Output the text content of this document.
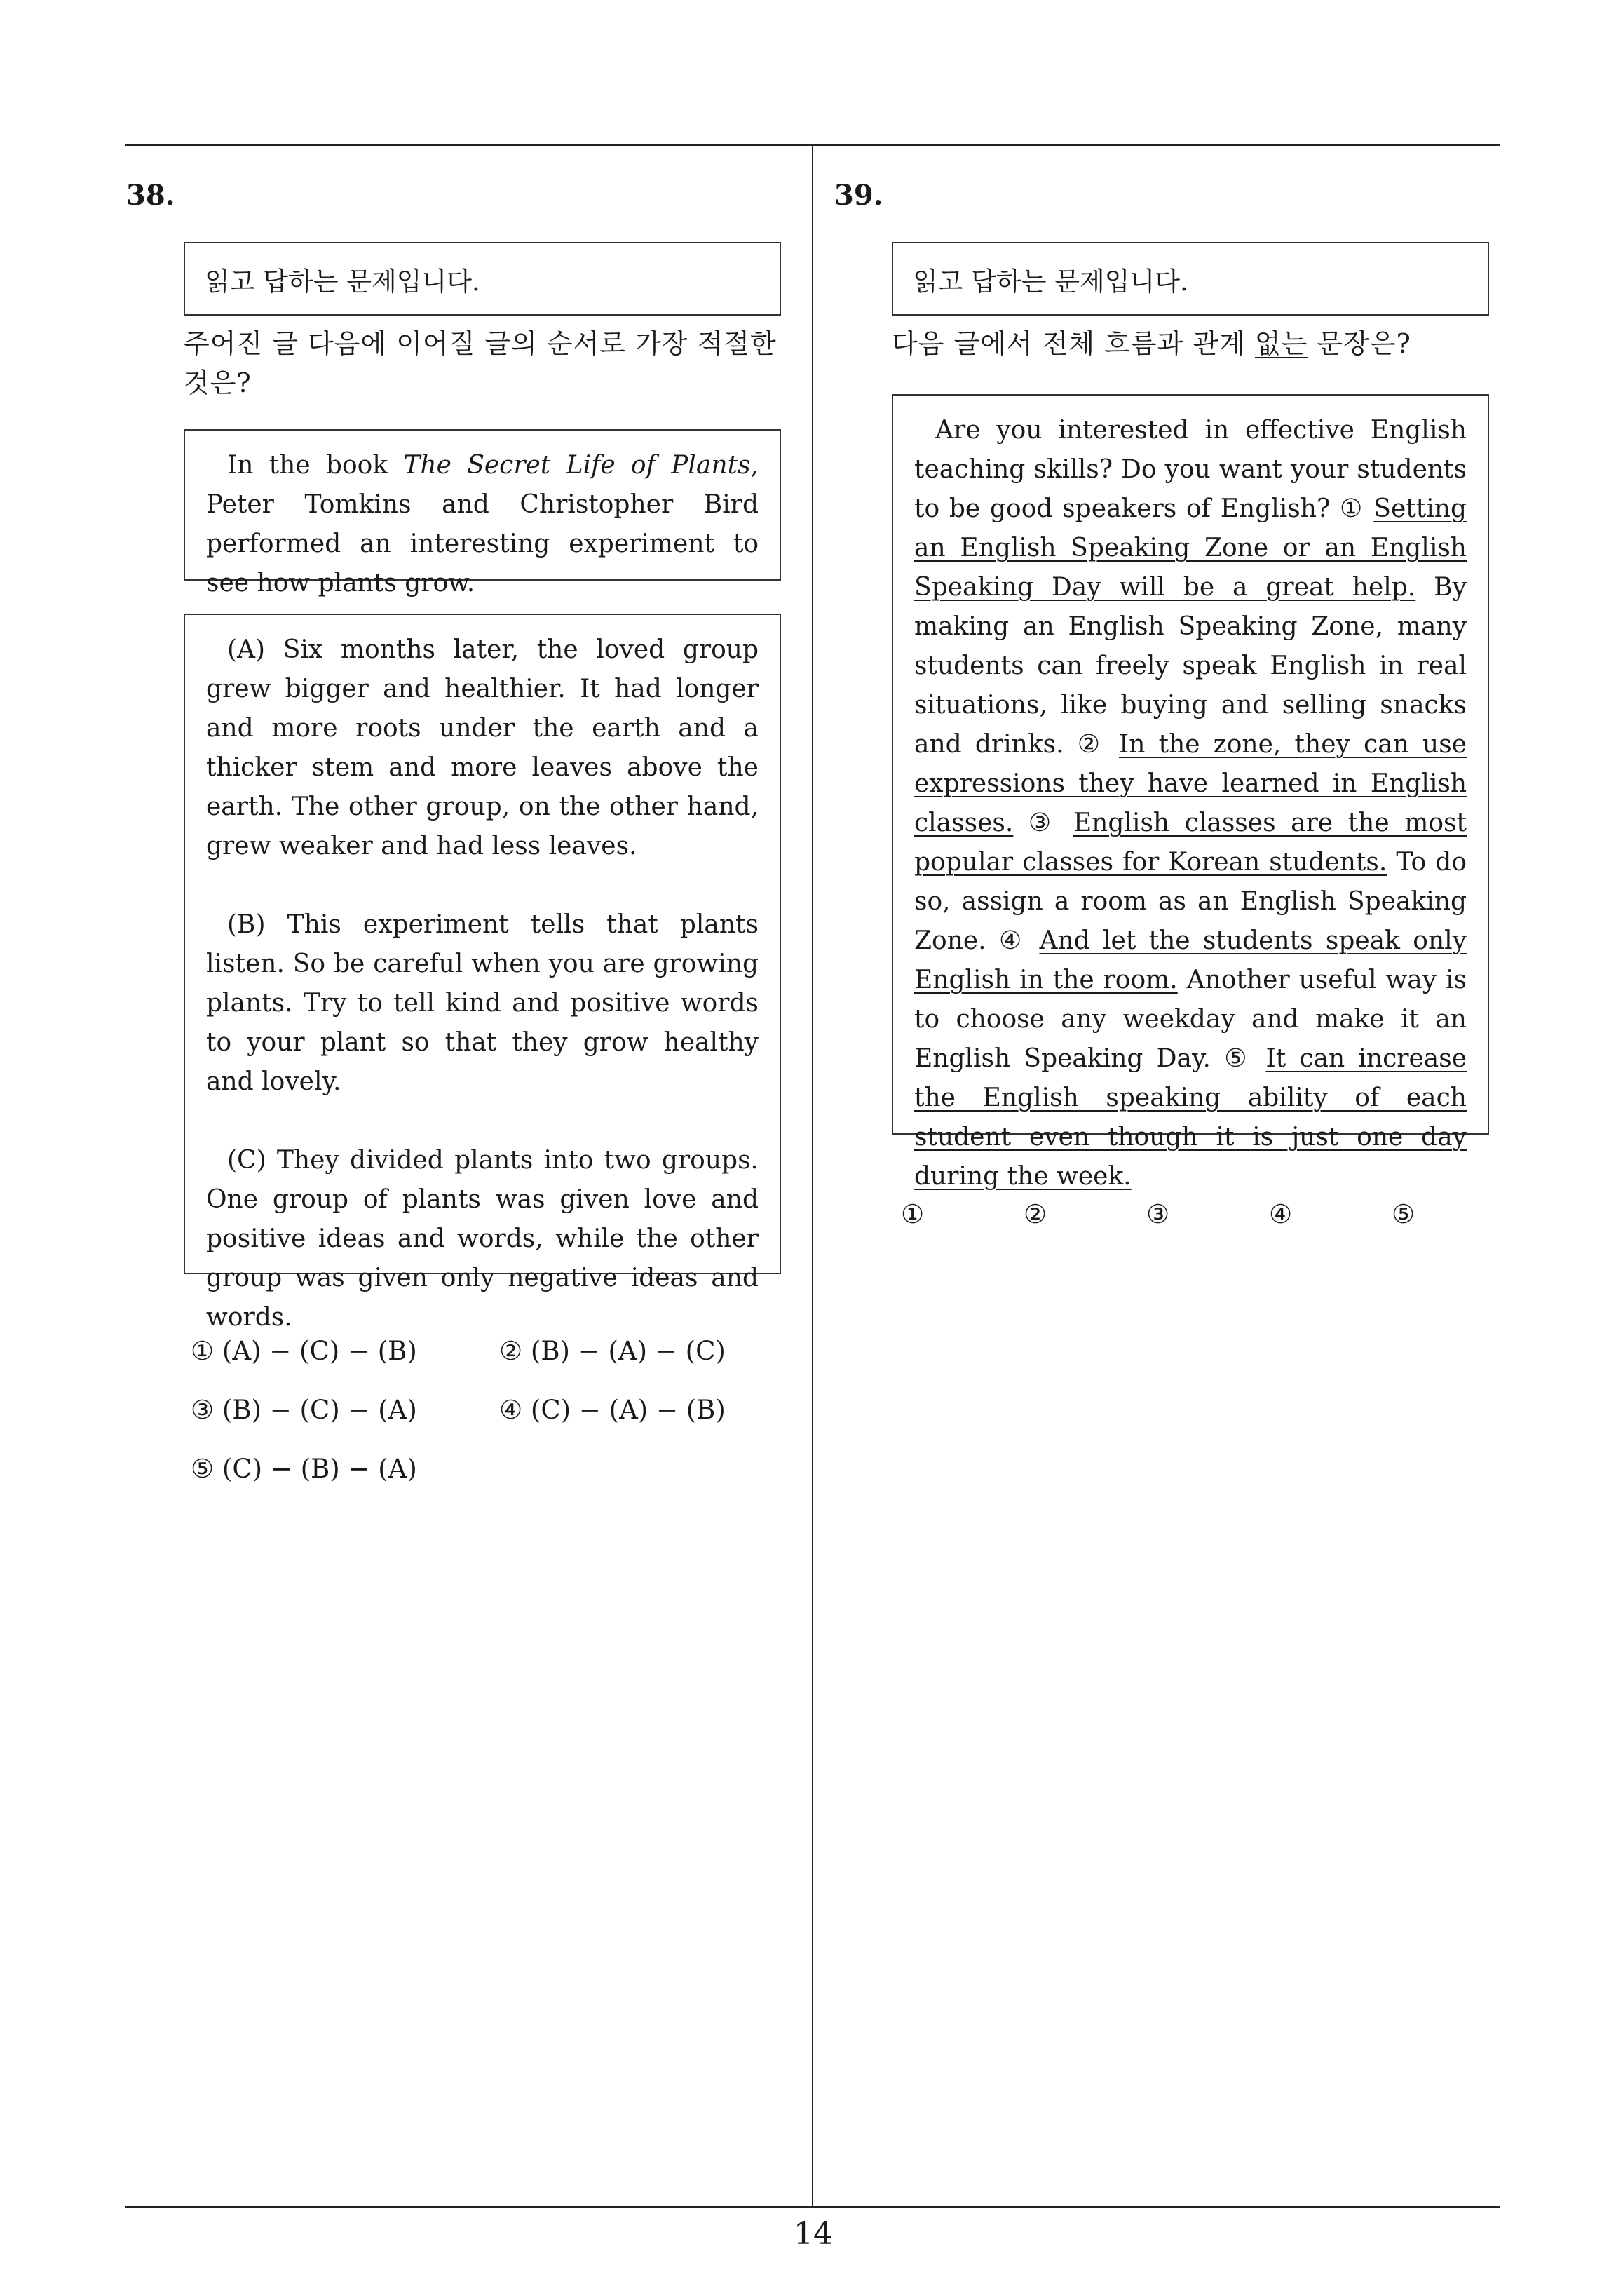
38.
읽고 답하는 문제입니다.
주어진 글 다음에 이어질 글의 순서로 가장 적절한
것은?

In the book The Secret Life of Plants, Peter Tomkins and Christopher Bird performed an interesting experiment to see how plants grow.

(A) Six months later, the loved group grew bigger and healthier. It had longer and more roots under the earth and a thicker stem and more leaves above the earth. The other group, on the other hand, grew weaker and had less leaves.

(B) This experiment tells that plants listen. So be careful when you are growing plants. Try to tell kind and positive words to your plant so that they grow healthy and lovely.

(C) They divided plants into two groups. One group of plants was given love and positive ideas and words, while the other group was given only negative ideas and words.

① (A) − (C) − (B)	② (B) − (A) − (C)
③ (B) − (C) − (A)	④ (C) − (A) − (B)
⑤ (C) − (B) − (A)
39.
읽고 답하는 문제입니다.
다음 글에서 전체 흐름과 관계 없는 문장은?

Are you interested in effective English teaching skills? Do you want your students to be good speakers of English? ① Setting an English Speaking Zone or an English Speaking Day will be a great help. By making an English Speaking Zone, many students can freely speak English in real situations, like buying and selling snacks and drinks. ② In the zone, they can use expressions they have learned in English classes. ③ English classes are the most popular classes for Korean students. To do so, assign a room as an English Speaking Zone. ④ And let the students speak only English in the room. Another useful way is to choose any weekday and make it an English Speaking Day. ⑤ It can increase the English speaking ability of each student even though it is just one day during the week.

①	②	③	④	⑤
14
